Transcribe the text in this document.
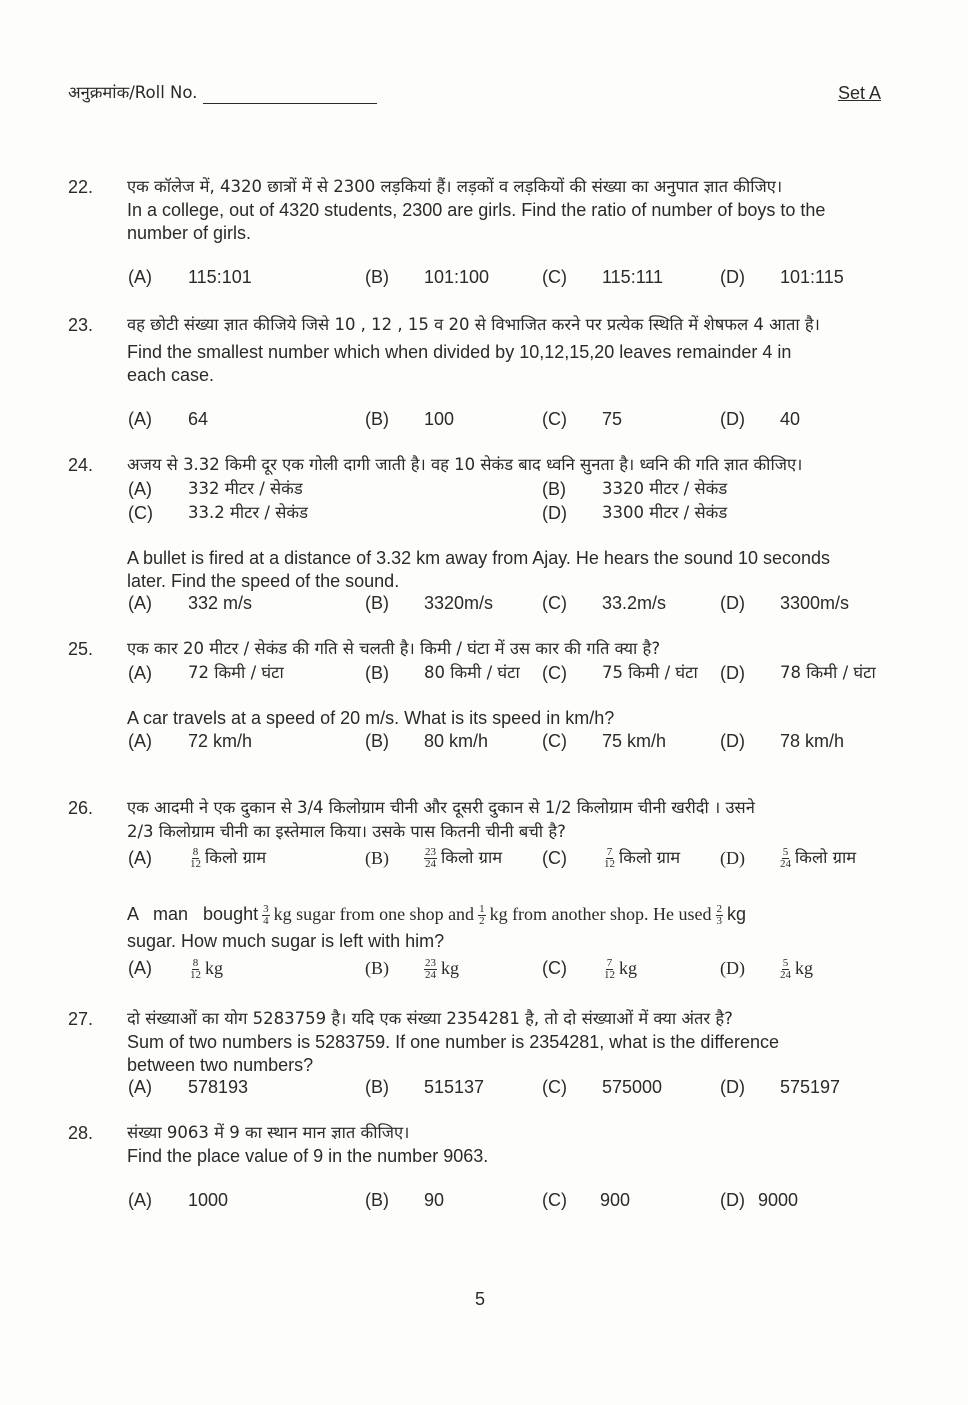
अनुक्रमांक/Roll No.	Set A
22. एक कॉलेज में, 4320 छात्रों में से 2300 लड़कियां हैं। लड़कों व लड़कियों की संख्या का अनुपात ज्ञात कीजिए।
In a college, out of 4320 students, 2300 are girls. Find the ratio of number of boys to the
number of girls.
(A) 115:101	(B) 101:100	(C) 115:111	(D) 101:115
23. वह छोटी संख्या ज्ञात कीजिये जिसे 10 , 12 , 15 व 20 से विभाजित करने पर प्रत्येक स्थिति में शेषफल 4 आता है।
Find the smallest number which when divided by 10,12,15,20 leaves remainder 4 in
each case.
(A) 64	(B) 100	(C) 75	(D) 40
24. अजय से 3.32 किमी दूर एक गोली दागी जाती है। वह 10 सेकंड बाद ध्वनि सुनता है। ध्वनि की गति ज्ञात कीजिए।
(A) 332 मीटर / सेकंड	(B) 3320 मीटर / सेकंड
(C) 33.2 मीटर / सेकंड	(D) 3300 मीटर / सेकंड
A bullet is fired at a distance of 3.32 km away from Ajay. He hears the sound 10 seconds
later. Find the speed of the sound.
(A) 332 m/s	(B) 3320m/s	(C) 33.2m/s	(D) 3300m/s
25. एक कार 20 मीटर / सेकंड की गति से चलती है। किमी / घंटा में उस कार की गति क्या है?
(A) 72 किमी / घंटा	(B) 80 किमी / घंटा (C) 75 किमी / घंटा (D) 78 किमी / घंटा
A car travels at a speed of 20 m/s. What is its speed in km/h?
(A) 72 km/h	(B) 80 km/h	(C) 75 km/h	(D) 78 km/h
26. एक आदमी ने एक दुकान से 3/4 किलोग्राम चीनी और दूसरी दुकान से 1/2 किलोग्राम चीनी खरीदी । उसने
2/3 किलोग्राम चीनी का इस्तेमाल किया। उसके पास कितनी चीनी बची है?
(A)	$\frac{8}{12}$ किलो ग्राम	(B)	$\frac{23}{24}$ किलो ग्राम (C)	$\frac{7}{12}$ किलो ग्राम (D)	$\frac{5}{24}$ किलो ग्राम
A   man   bought $\frac{3}{4}$ kg sugar from one shop and $\frac{1}{2}$ kg from another shop. He used $\frac{2}{3}$ kg
sugar. How much sugar is left with him?
(A)	$\frac{8}{12}$ kg	(B)	$\frac{23}{24}$ kg	(C)	$\frac{7}{12}$ kg	(D)	$\frac{5}{24}$ kg
27. दो संख्याओं का योग 5283759 है। यदि एक संख्या 2354281 है, तो दो संख्याओं में क्या अंतर है?
Sum of two numbers is 5283759. If one number is 2354281, what is the difference
between two numbers?
(A) 578193	(B) 515137	(C) 575000	(D) 575197
28. संख्या 9063 में 9 का स्थान मान ज्ञात कीजिए।
Find the place value of 9 in the number 9063.
(A) 1000	(B) 90	(C) 900	(D) 9000
5
